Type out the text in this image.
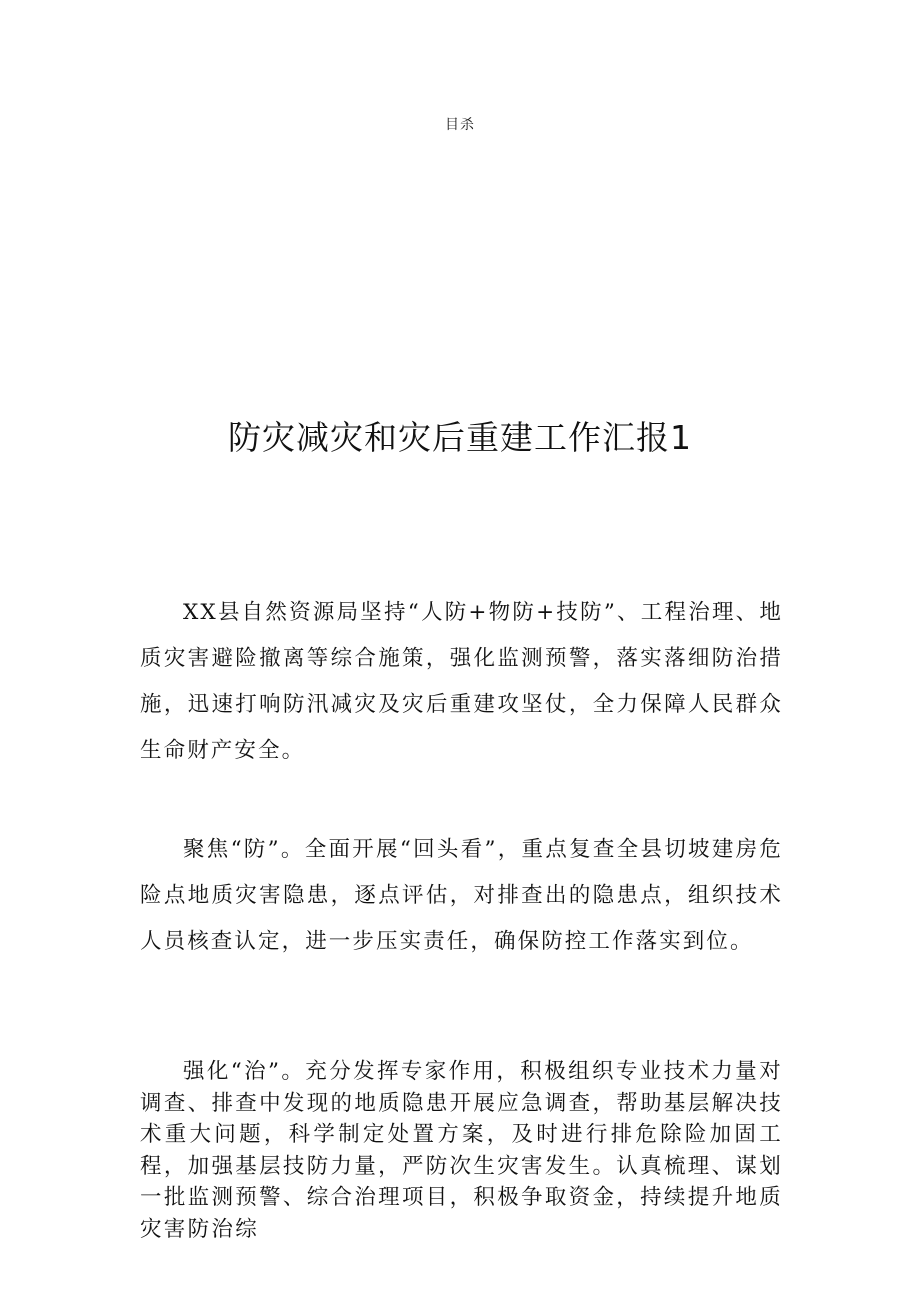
目杀
防灾减灾和灾后重建工作汇报1

XX县自然资源局坚持“人防+物防+技防”、工程治理、地质灾害避险撤离等综合施策，强化监测预警，落实落细防治措施，迅速打响防汛减灾及灾后重建攻坚仗，全力保障人民群众生命财产安全。

聚焦“防”。全面开展“回头看”，重点复查全县切坡建房危险点地质灾害隐患，逐点评估，对排查出的隐患点，组织技术人员核查认定，进一步压实责任，确保防控工作落实到位。

强化“治”。充分发挥专家作用，积极组织专业技术力量对调查、排查中发现的地质隐患开展应急调查，帮助基层解决技术重大问题，科学制定处置方案，及时进行排危除险加固工程，加强基层技防力量，严防次生灾害发生。认真梳理、谋划一批监测预警、综合治理项目，积极争取资金，持续提升地质灾害防治综
